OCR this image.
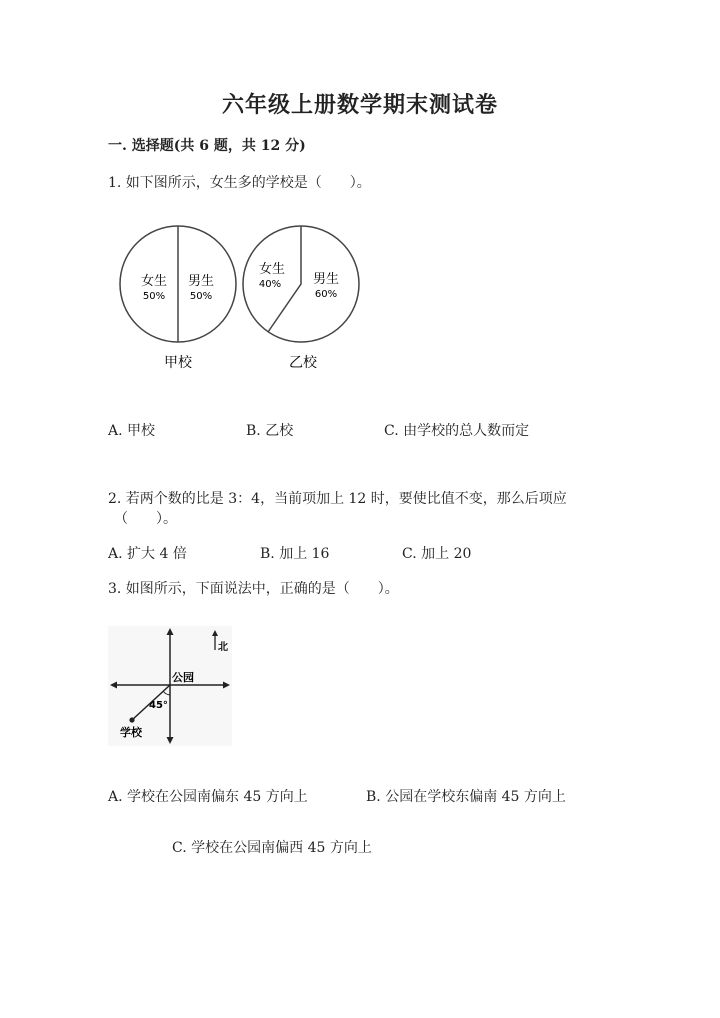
六年级上册数学期末测试卷
一. 选择题(共 6 题，共 12 分)
1. 如下图所示，女生多的学校是（　　）。
女生
50%
男生
50%
甲校
女生
40% 男生
60%
乙校
A. 甲校	B. 乙校	C. 由学校的总人数而定
2. 若两个数的比是 3：4，当前项加上 12 时，要使比值不变，那么后项应
（　　）。
A. 扩大 4 倍	B. 加上 16	C. 加上 20
3. 如图所示，下面说法中，正确的是（　　）。
北
公园
45°
学校
A. 学校在公园南偏东 45 方向上	B. 公园在学校东偏南 45 方向上
C. 学校在公园南偏西 45 方向上
